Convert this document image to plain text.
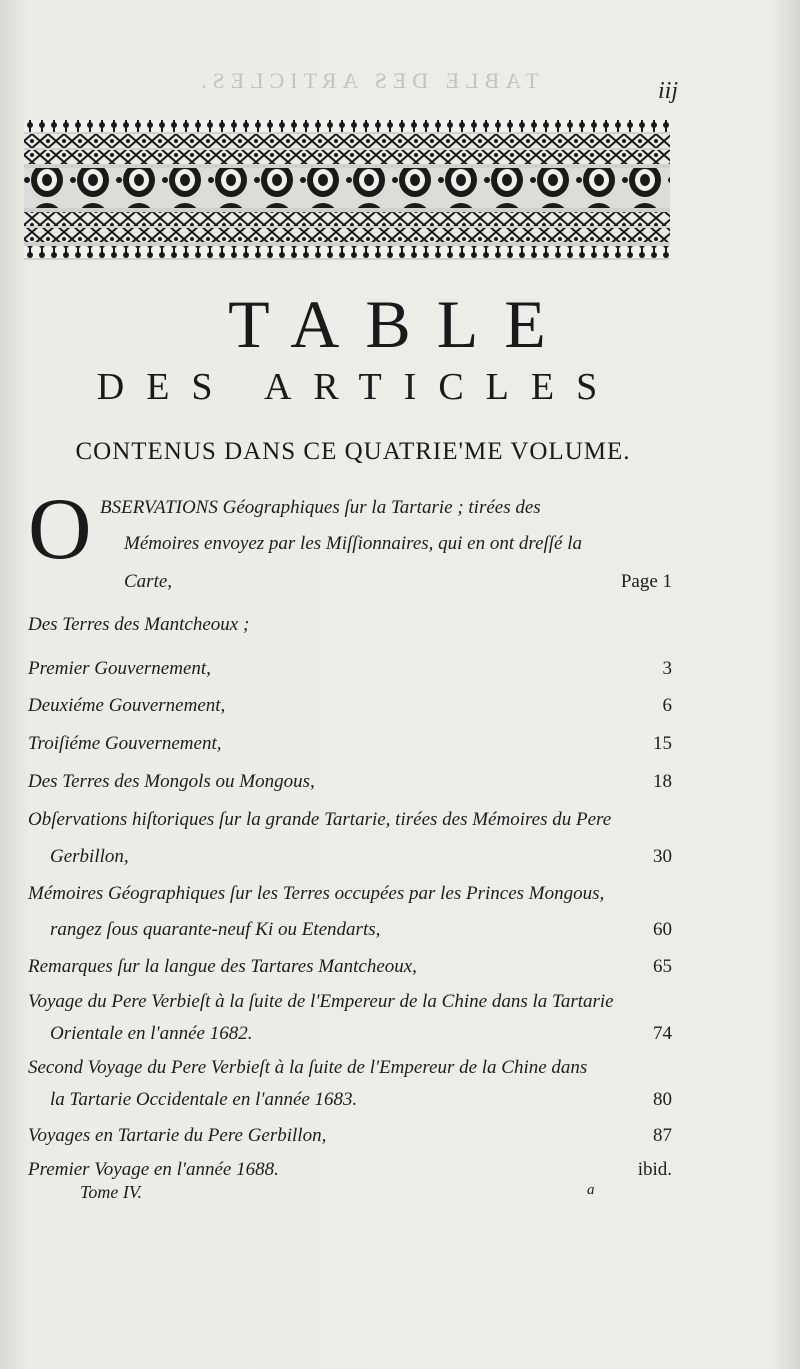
TABLE DES ARTICLES.	iij
TABLE
DES ARTICLES
CONTENUS DANS CE QUATRIE'ME VOLUME.
O BSERVATIONS Géographiques ſur la Tartarie ; tirées des
Mémoires envoyez par les Miſſionnaires, qui en ont dreſſé la
Carte,	Page 1
Des Terres des Mantcheoux ;
Premier Gouvernement,	3
Deuxiéme Gouvernement,	6
Troiſiéme Gouvernement,	15
Des Terres des Mongols ou Mongous,	18
Obſervations hiſtoriques ſur la grande Tartarie, tirées des Mémoires du Pere
Gerbillon,	30
Mémoires Géographiques ſur les Terres occupées par les Princes Mongous,
rangez ſous quarante-neuf Ki ou Etendarts,	60
Remarques ſur la langue des Tartares Mantcheoux,	65
Voyage du Pere Verbieſt à la ſuite de l'Empereur de la Chine dans la Tartarie
Orientale en l'année 1682.	74
Second Voyage du Pere Verbieſt à la ſuite de l'Empereur de la Chine dans
la Tartarie Occidentale en l'année 1683.	80
Voyages en Tartarie du Pere Gerbillon,	87
Premier Voyage en l'année 1688.	ibid.
Tome IV.	a
